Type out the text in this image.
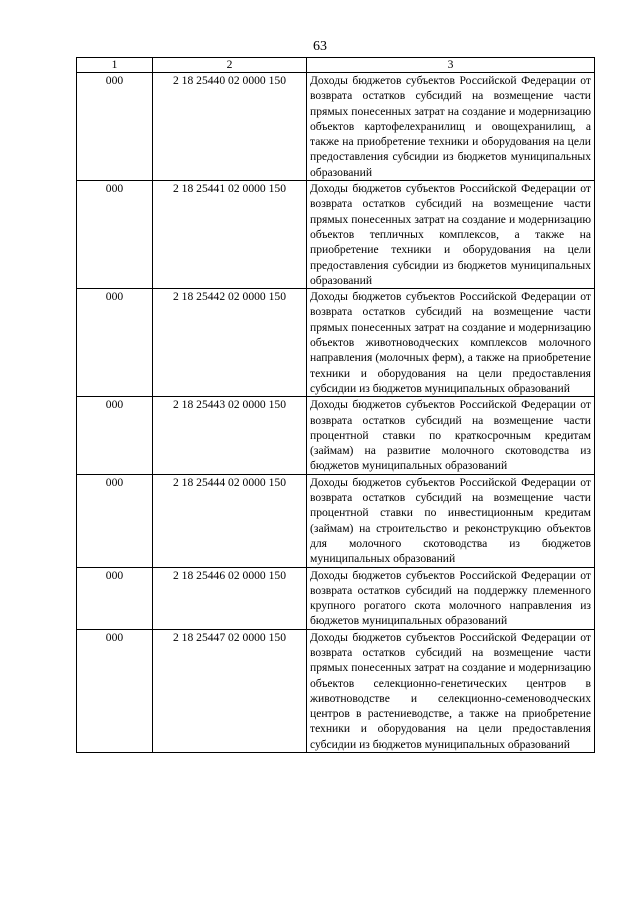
63
1	2	3
000	2 18 25440 02 0000 150	Доходы бюджетов субъектов Российской Федерации от возврата остатков субсидий на возмещение части прямых понесенных затрат на создание и модернизацию объектов картофелехранилищ и овощехранилищ, а также на приобретение техники и оборудования на цели предоставления субсидии из бюджетов муниципальных образований
000	2 18 25441 02 0000 150	Доходы бюджетов субъектов Российской Федерации от возврата остатков субсидий на возмещение части прямых понесенных затрат на создание и модернизацию объектов тепличных комплексов, а также на приобретение техники и оборудования на цели предоставления субсидии из бюджетов муниципальных образований
000	2 18 25442 02 0000 150	Доходы бюджетов субъектов Российской Федерации от возврата остатков субсидий на возмещение части прямых понесенных затрат на создание и модернизацию объектов животноводческих комплексов молочного направления (молочных ферм), а также на приобретение техники и оборудования на цели предоставления субсидии из бюджетов муниципальных образований
000	2 18 25443 02 0000 150	Доходы бюджетов субъектов Российской Федерации от возврата остатков субсидий на возмещение части процентной ставки по краткосрочным кредитам (займам) на развитие молочного скотоводства из бюджетов муниципальных образований
000	2 18 25444 02 0000 150	Доходы бюджетов субъектов Российской Федерации от возврата остатков субсидий на возмещение части процентной ставки по инвестиционным кредитам (займам) на строительство и реконструкцию объектов для молочного скотоводства из бюджетов муниципальных образований
000	2 18 25446 02 0000 150	Доходы бюджетов субъектов Российской Федерации от возврата остатков субсидий на поддержку племенного крупного рогатого скота молочного направления из бюджетов муниципальных образований
000	2 18 25447 02 0000 150	Доходы бюджетов субъектов Российской Федерации от возврата остатков субсидий на возмещение части прямых понесенных затрат на создание и модернизацию объектов селекционно-генетических центров в животноводстве и селекционно-семеноводческих центров в растениеводстве, а также на приобретение техники и оборудования на цели предоставления субсидии из бюджетов муниципальных образований
